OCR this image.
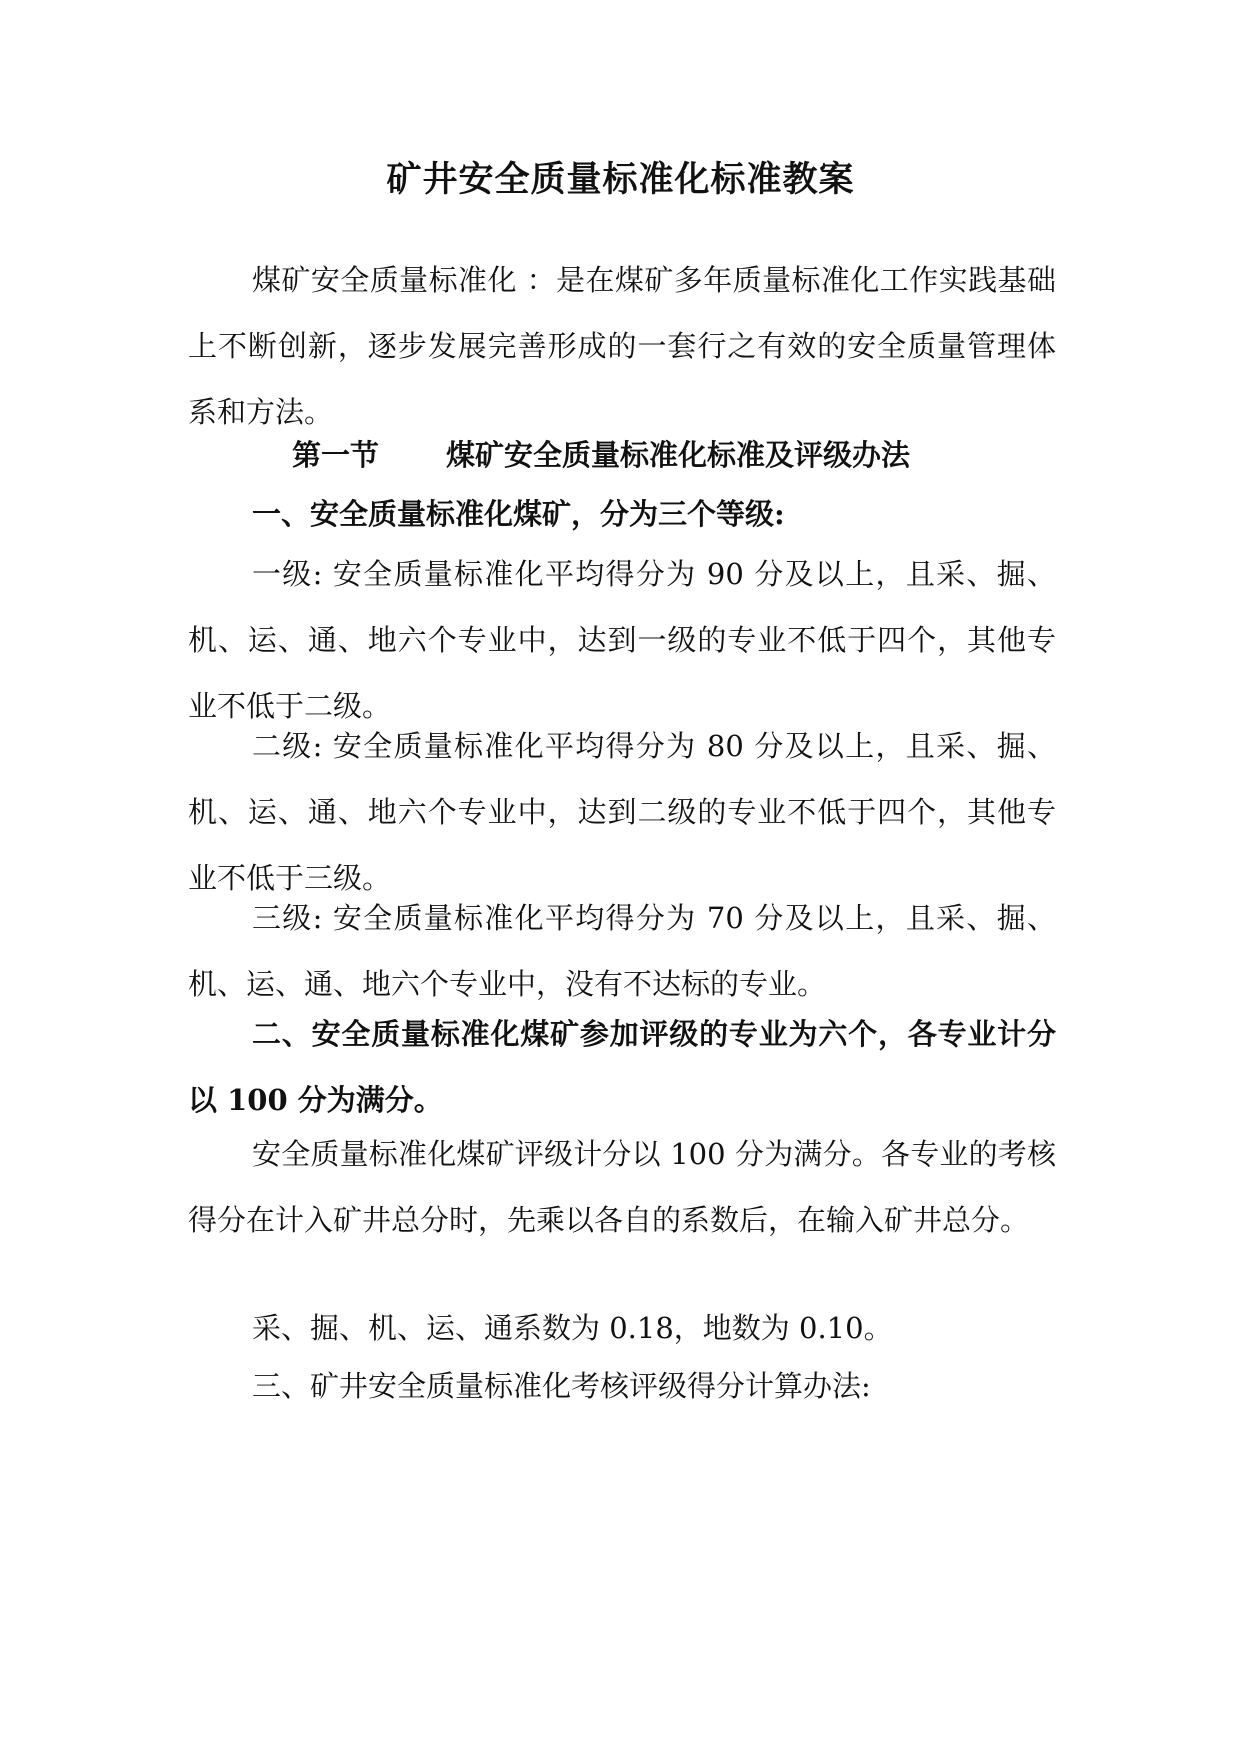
矿井安全质量标准化标准教案

煤矿安全质量标准化 ：是在煤矿多年质量标准化工作实践基础上不断创新，逐步发展完善形成的一套行之有效的安全质量管理体系和方法。

第一节 煤矿安全质量标准化标准及评级办法
一、安全质量标准化煤矿，分为三个等级:

一级: 安全质量标准化平均得分为 90 分及以上，且采、掘、机、运、通、地六个专业中，达到一级的专业不低于四个，其他专业不低于二级。

二级: 安全质量标准化平均得分为 80 分及以上，且采、掘、机、运、通、地六个专业中，达到二级的专业不低于四个，其他专业不低于三级。

三级: 安全质量标准化平均得分为 70 分及以上，且采、掘、机、运、通、地六个专业中，没有不达标的专业。

二、安全质量标准化煤矿参加评级的专业为六个，各专业计分以 100 分为满分。

安全质量标准化煤矿评级计分以 100 分为满分。各专业的考核得分在计入矿井总分时，先乘以各自的系数后，在输入矿井总分。

采、掘、机、运、通系数为 0.18，地数为 0.10。
三、矿井安全质量标准化考核评级得分计算办法:
